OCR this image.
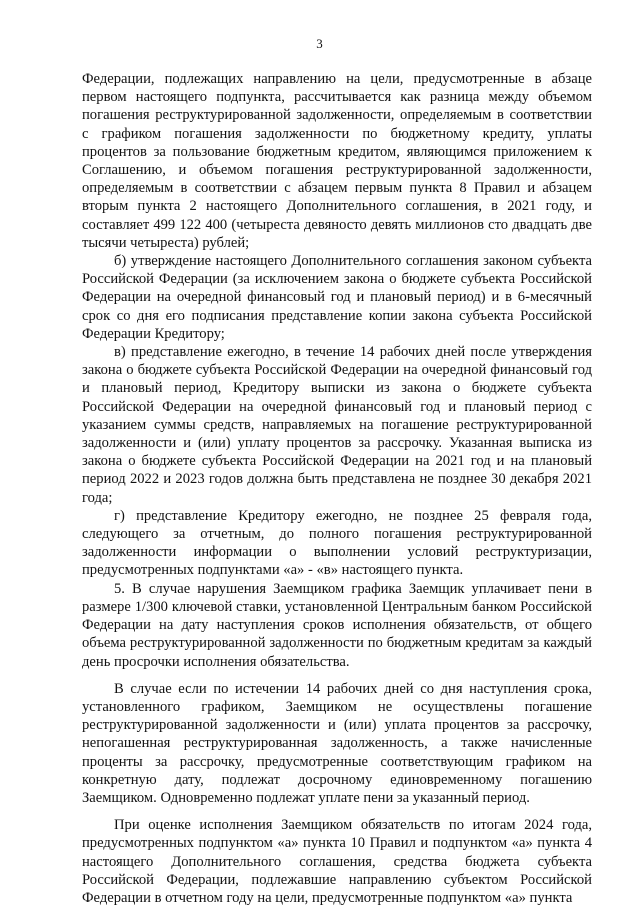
3

Федерации, подлежащих направлению на цели, предусмотренные в абзаце первом настоящего подпункта, рассчитывается как разница между объемом погашения реструктурированной задолженности, определяемым в соответствии с графиком погашения задолженности по бюджетному кредиту, уплаты процентов за пользование бюджетным кредитом, являющимся приложением к Соглашению, и объемом погашения реструктурированной задолженности, определяемым в соответствии с абзацем первым пункта 8 Правил и абзацем вторым пункта 2 настоящего Дополнительного соглашения, в 2021 году, и составляет 499 122 400 (четыреста девяносто девять миллионов сто двадцать две тысячи четыреста) рублей;

б) утверждение настоящего Дополнительного соглашения законом субъекта Российской Федерации (за исключением закона о бюджете субъекта Российской Федерации на очередной финансовый год и плановый период) и в 6-месячный срок со дня его подписания представление копии закона субъекта Российской Федерации Кредитору;

в) представление ежегодно, в течение 14 рабочих дней после утверждения закона о бюджете субъекта Российской Федерации на очередной финансовый год и плановый период, Кредитору выписки из закона о бюджете субъекта Российской Федерации на очередной финансовый год и плановый период с указанием суммы средств, направляемых на погашение реструктурированной задолженности и (или) уплату процентов за рассрочку. Указанная выписка из закона о бюджете субъекта Российской Федерации на 2021 год и на плановый период 2022 и 2023 годов должна быть представлена не позднее 30 декабря 2021 года;

г) представление Кредитору ежегодно, не позднее 25 февраля года, следующего за отчетным, до полного погашения реструктурированной задолженности информации о выполнении условий реструктуризации, предусмотренных подпунктами «а» - «в» настоящего пункта.

5. В случае нарушения Заемщиком графика Заемщик уплачивает пени в размере 1/300 ключевой ставки, установленной Центральным банком Российской Федерации на дату наступления сроков исполнения обязательств, от общего объема реструктурированной задолженности по бюджетным кредитам за каждый день просрочки исполнения обязательства.

В случае если по истечении 14 рабочих дней со дня наступления срока, установленного графиком, Заемщиком не осуществлены погашение реструктурированной задолженности и (или) уплата процентов за рассрочку, непогашенная реструктурированная задолженность, а также начисленные проценты за рассрочку, предусмотренные соответствующим графиком на конкретную дату, подлежат досрочному единовременному погашению Заемщиком. Одновременно подлежат уплате пени за указанный период.

При оценке исполнения Заемщиком обязательств по итогам 2024 года, предусмотренных подпунктом «а» пункта 10 Правил и подпунктом «а» пункта 4 настоящего Дополнительного соглашения, средства бюджета субъекта Российской Федерации, подлежавшие направлению субъектом Российской Федерации в отчетном году на цели, предусмотренные подпунктом «а» пункта
